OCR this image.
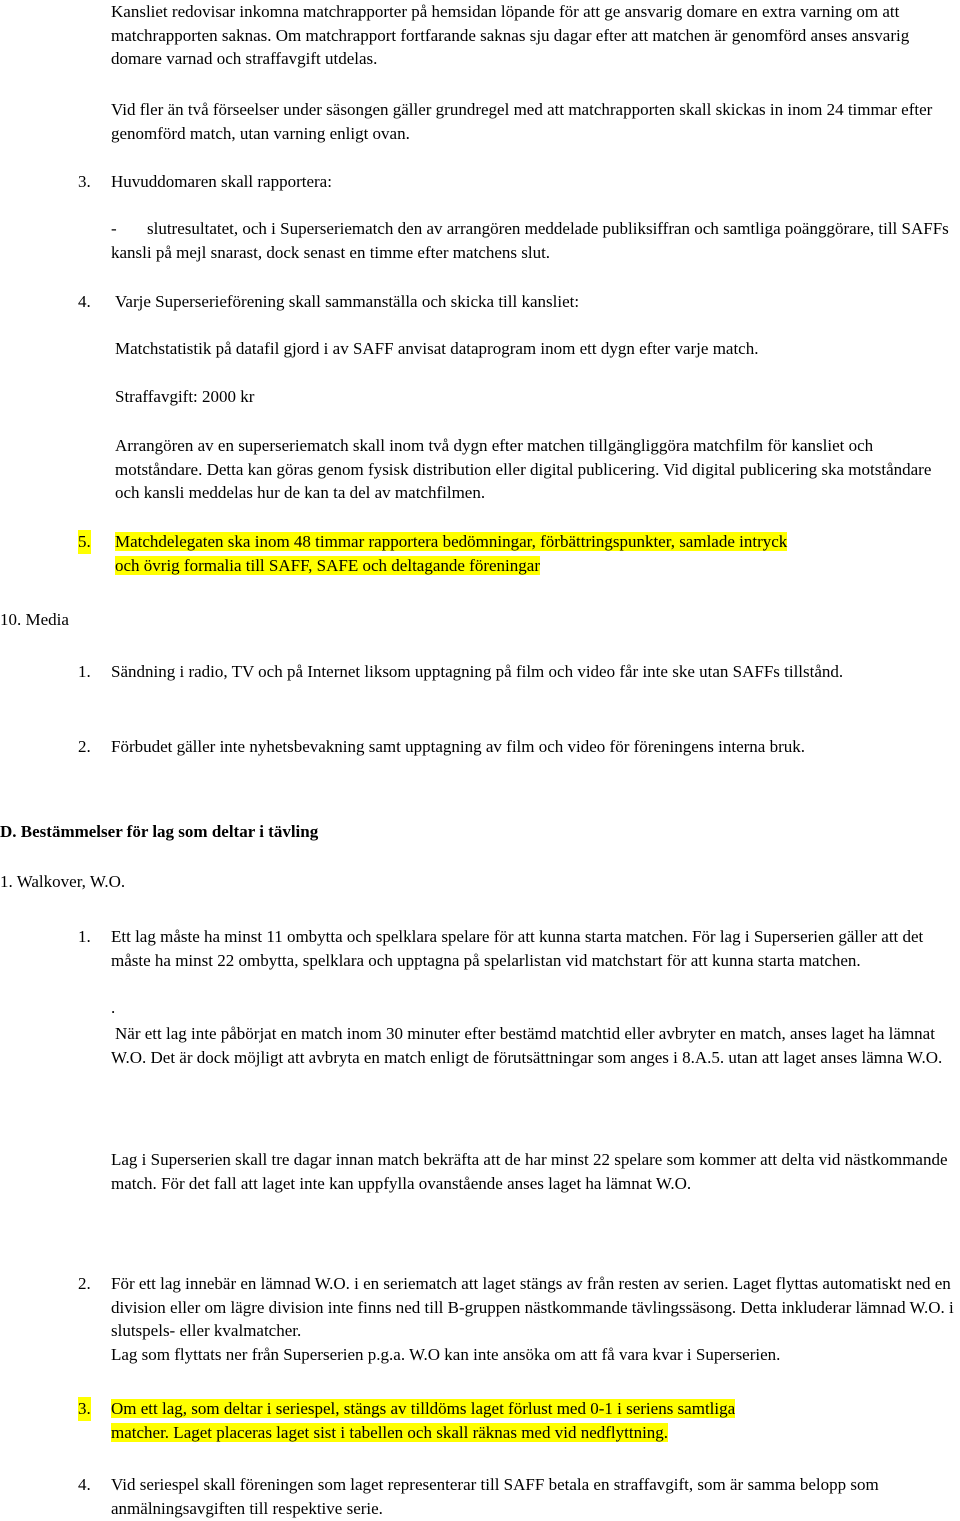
Kansliet redovisar inkomna matchrapporter på hemsidan löpande för att ge ansvarig domare en extra varning om att matchrapporten saknas. Om matchrapport fortfarande saknas sju dagar efter att matchen är genomförd anses ansvarig domare varnad och straffavgift utdelas.

Vid fler än två förseelser under säsongen gäller grundregel med att matchrapporten skall skickas in inom 24 timmar efter genomförd match, utan varning enligt ovan.

3. Huvuddomaren skall rapportera:

-	slutresultatet, och i Superseriematch den av arrangören meddelade publiksiffran och samtliga poänggörare, till SAFFs kansli på mejl snarast, dock senast en timme efter matchens slut.

4. Varje Superserieförening skall sammanställa och skicka till kansliet:

Matchstatistik på datafil gjord i av SAFF anvisat dataprogram inom ett dygn efter varje match.

Straffavgift: 2000 kr

Arrangören av en superseriematch skall inom två dygn efter matchen tillgängliggöra matchfilm för kansliet och motståndare. Detta kan göras genom fysisk distribution eller digital publicering. Vid digital publicering ska motståndare och kansli meddelas hur de kan ta del av matchfilmen.

5. Matchdelegaten ska inom 48 timmar rapportera bedömningar, förbättringspunkter, samlade intryck
och övrig formalia till SAFF, SAFE och deltagande föreningar

10. Media

1. Sändning i radio, TV och på Internet liksom upptagning på film och video får inte ske utan SAFFs tillstånd.

2. Förbudet gäller inte nyhetsbevakning samt upptagning av film och video för föreningens interna bruk.

D. Bestämmelser för lag som deltar i tävling

1. Walkover, W.O.

1. Ett lag måste ha minst 11 ombytta och spelklara spelare för att kunna starta matchen. För lag i Superserien gäller att det måste ha minst 22 ombytta, spelklara och upptagna på spelarlistan vid matchstart för att kunna starta matchen.

.

När ett lag inte påbörjat en match inom 30 minuter efter bestämd matchtid eller avbryter en match, anses laget ha lämnat W.O. Det är dock möjligt att avbryta en match enligt de förutsättningar som anges i 8.A.5. utan att laget anses lämna W.O.

Lag i Superserien skall tre dagar innan match bekräfta att de har minst 22 spelare som kommer att delta vid nästkommande match. För det fall att laget inte kan uppfylla ovanstående anses laget ha lämnat W.O.

2. För ett lag innebär en lämnad W.O. i en seriematch att laget stängs av från resten av serien. Laget flyttas automatiskt ned en division eller om lägre division inte finns ned till B-gruppen nästkommande tävlingssäsong. Detta inkluderar lämnad W.O. i slutspels- eller kvalmatcher.

Lag som flyttats ner från Superserien p.g.a. W.O kan inte ansöka om att få vara kvar i Superserien.

3. Om ett lag, som deltar i seriespel, stängs av tilldöms laget förlust med 0-1 i seriens samtliga
matcher. Laget placeras laget sist i tabellen och skall räknas med vid nedflyttning.
4. Vid seriespel skall föreningen som laget representerar till SAFF betala en straffavgift, som är samma belopp som anmälningsavgiften till respektive serie.
